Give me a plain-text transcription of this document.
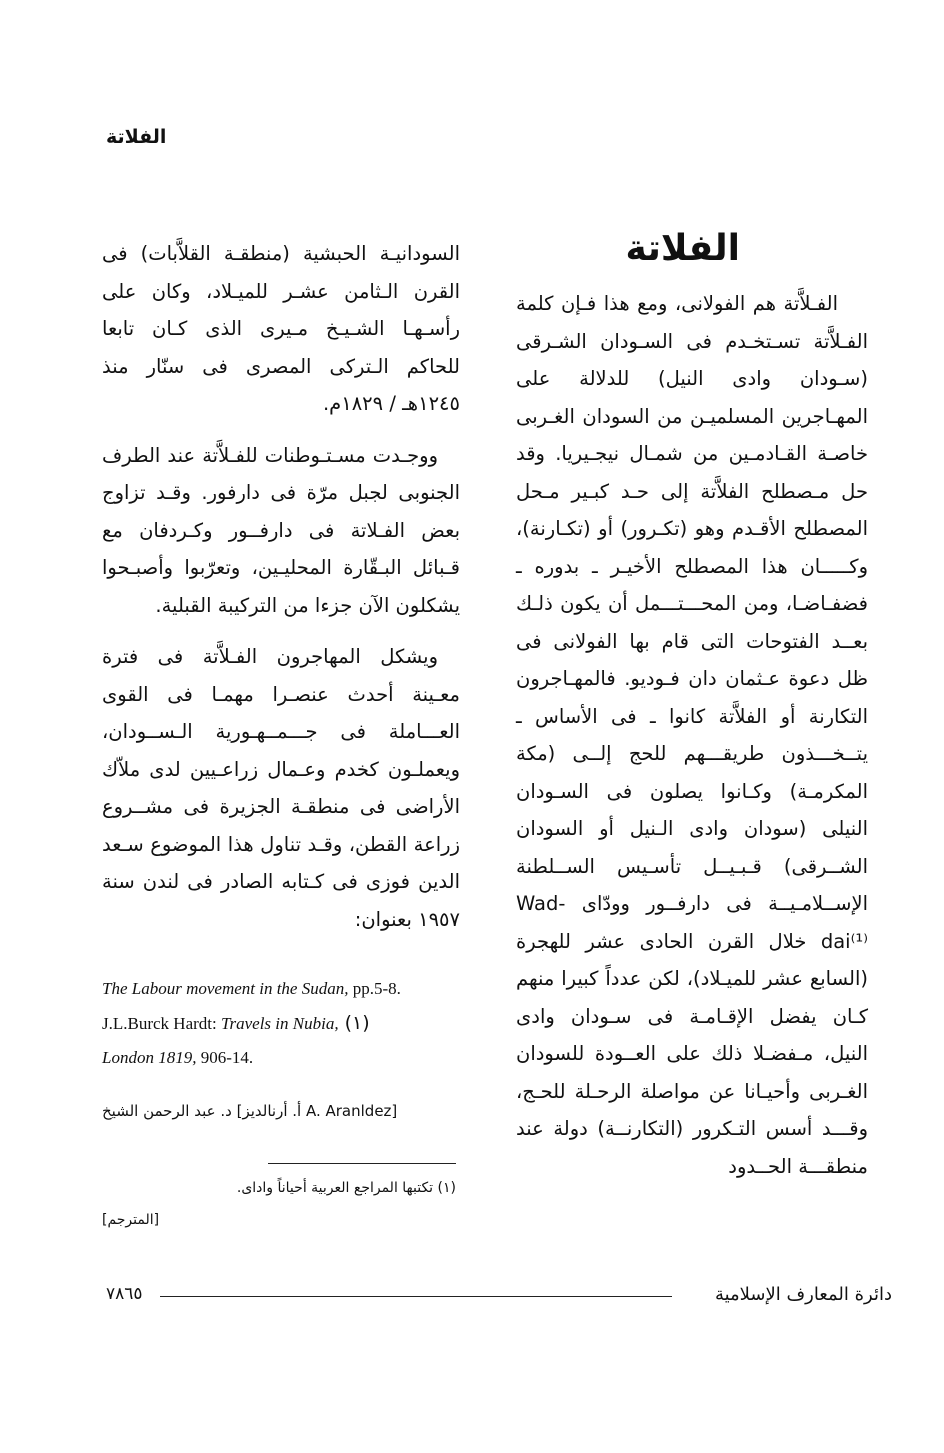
الفلاتة
الفلاتة

الفـلاَّتة هم الفولانى، ومع هذا فـإن كلمة الفـلاَّتة تسـتخـدم فى السـودان الشـرقى (سـودان وادى النيل) للدلالة على المهـاجرين المسلميـن من السودان الغـربى خاصـة القـادمـين من شمـال نيجـيريا. وقد حل مـصطلح الفلاَّتة إلى حـد كبـير مـحل المصطلح الأقـدم وهو (تكـرور) أو (تكـارنة)، وكـــــان هذا المصطلح الأخيـر ـ بدوره ـ فضفـاضـا، ومن المحـــتـــمل أن يكون ذلـك بعــد الفتوحات التى قام بها الفولانى فى ظل دعوة عـثمان دان فـوديو. فالمهـاجرون التكارنة أو الفلاَّتة كانوا ـ فى الأساس ـ يتــخـــذون طريقـــهم للحج إلــى (مكة المكرمـة) وكـانوا يصلون فى السـودان النيلى (سودان وادى الـنيل أو السودان الشــرقى) قـبـيــل تأسـيس الســلطنة الإســلامـيــة فى دارفــور وودّاى -Wad dai⁽¹⁾ خلال القرن الحادى عشر للهجرة (السابع عشر للميـلاد)، لكن عدداً كبيرا منهم كـان يفضل الإقـامـة فى سـودان وادى النيل، مـفضـلا ذلك على العــودة للسودان الغـربى وأحيـانا عن مواصلة الرحـلة للحـج، وقـــد أسس التـكرور (التكارنــة) دولة عند منطقـــة الحــدود

السودانيـة الحبشية (منطقـة القلاَّبات) فى القرن الـثامن عشـر للميـلاد، وكان على رأسـهـا الشـيـخ مـيرى الذى كـان تابعا للحاكم الـتركى المصرى فى سنّار منذ ١٢٤٥هـ / ١٨٢٩م.

ووجـدت مسـتـوطنات للفـلاَّتة عند الطرف الجنوبى لجبل مرّة فى دارفور. وقـد تزاوج بعض الفـلاتة فى دارفــور وكـردفان مع قـبائل البـقّارة المحليـين، وتعرّبوا وأصبـحوا يشكلون الآن جزءا من التركيبة القبلية.

ويشكل المهاجرون الفـلاَّتة فى فترة معـينة أحدث عنصـرا مهمـا فى القوى العـــاملة فى جـــمــهـورية الـســودان، ويعملـون كخدم وعـمال زراعـيين لدى ملاّك الأراضى فى منطقـة الجزيرة فى مشــروع زراعة القطن، وقـد تناول هذا الموضوع سـعد الدين فوزى فى كـتابه الصادر فى لندن سنة ١٩٥٧ بعنوان:

The Labour movement in the Sudan, pp.5-8.
J.L.Burck Hardt: Travels in Nubia, (١)
London 1819, 906-14.
د. عبد الرحمن الشيخ [أ. أرنالديز A. Aranldez]
(١) تكتبها المراجع العربية أحياناً واداى.
[المترجم]
دائرة المعارف الإسلامية
٧٨٦٥
